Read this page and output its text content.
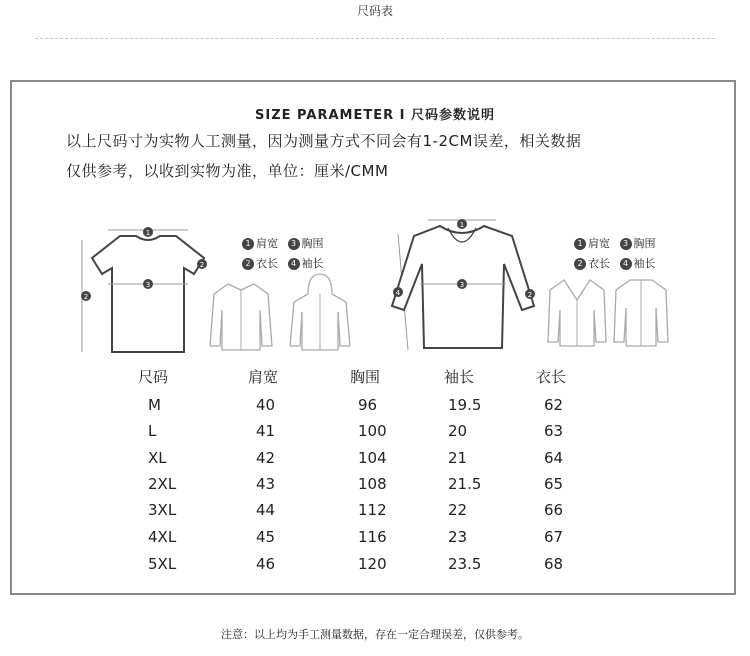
尺码表
SIZE PARAMETER I 尺码参数说明
以上尺码寸为实物人工测量，因为测量方式不同会有1-2CM误差，相关数据
仅供参考，以收到实物为准，单位：厘米/CMM
1
2
3
2
1 肩宽 3 胸围
2 衣长 4 袖长
1
4
3
2
1 肩宽 3 胸围
2 衣长 4 袖长
尺码	肩宽	胸围	袖长	衣长
M	40	96	19.5	62
L	41	100	20	63
XL	42	104	21	64
2XL	43	108	21.5	65
3XL	44	112	22	66
4XL	45	116	23	67
5XL	46	120	23.5	68
注意：以上均为手工测量数据，存在一定合理误差，仅供参考。
